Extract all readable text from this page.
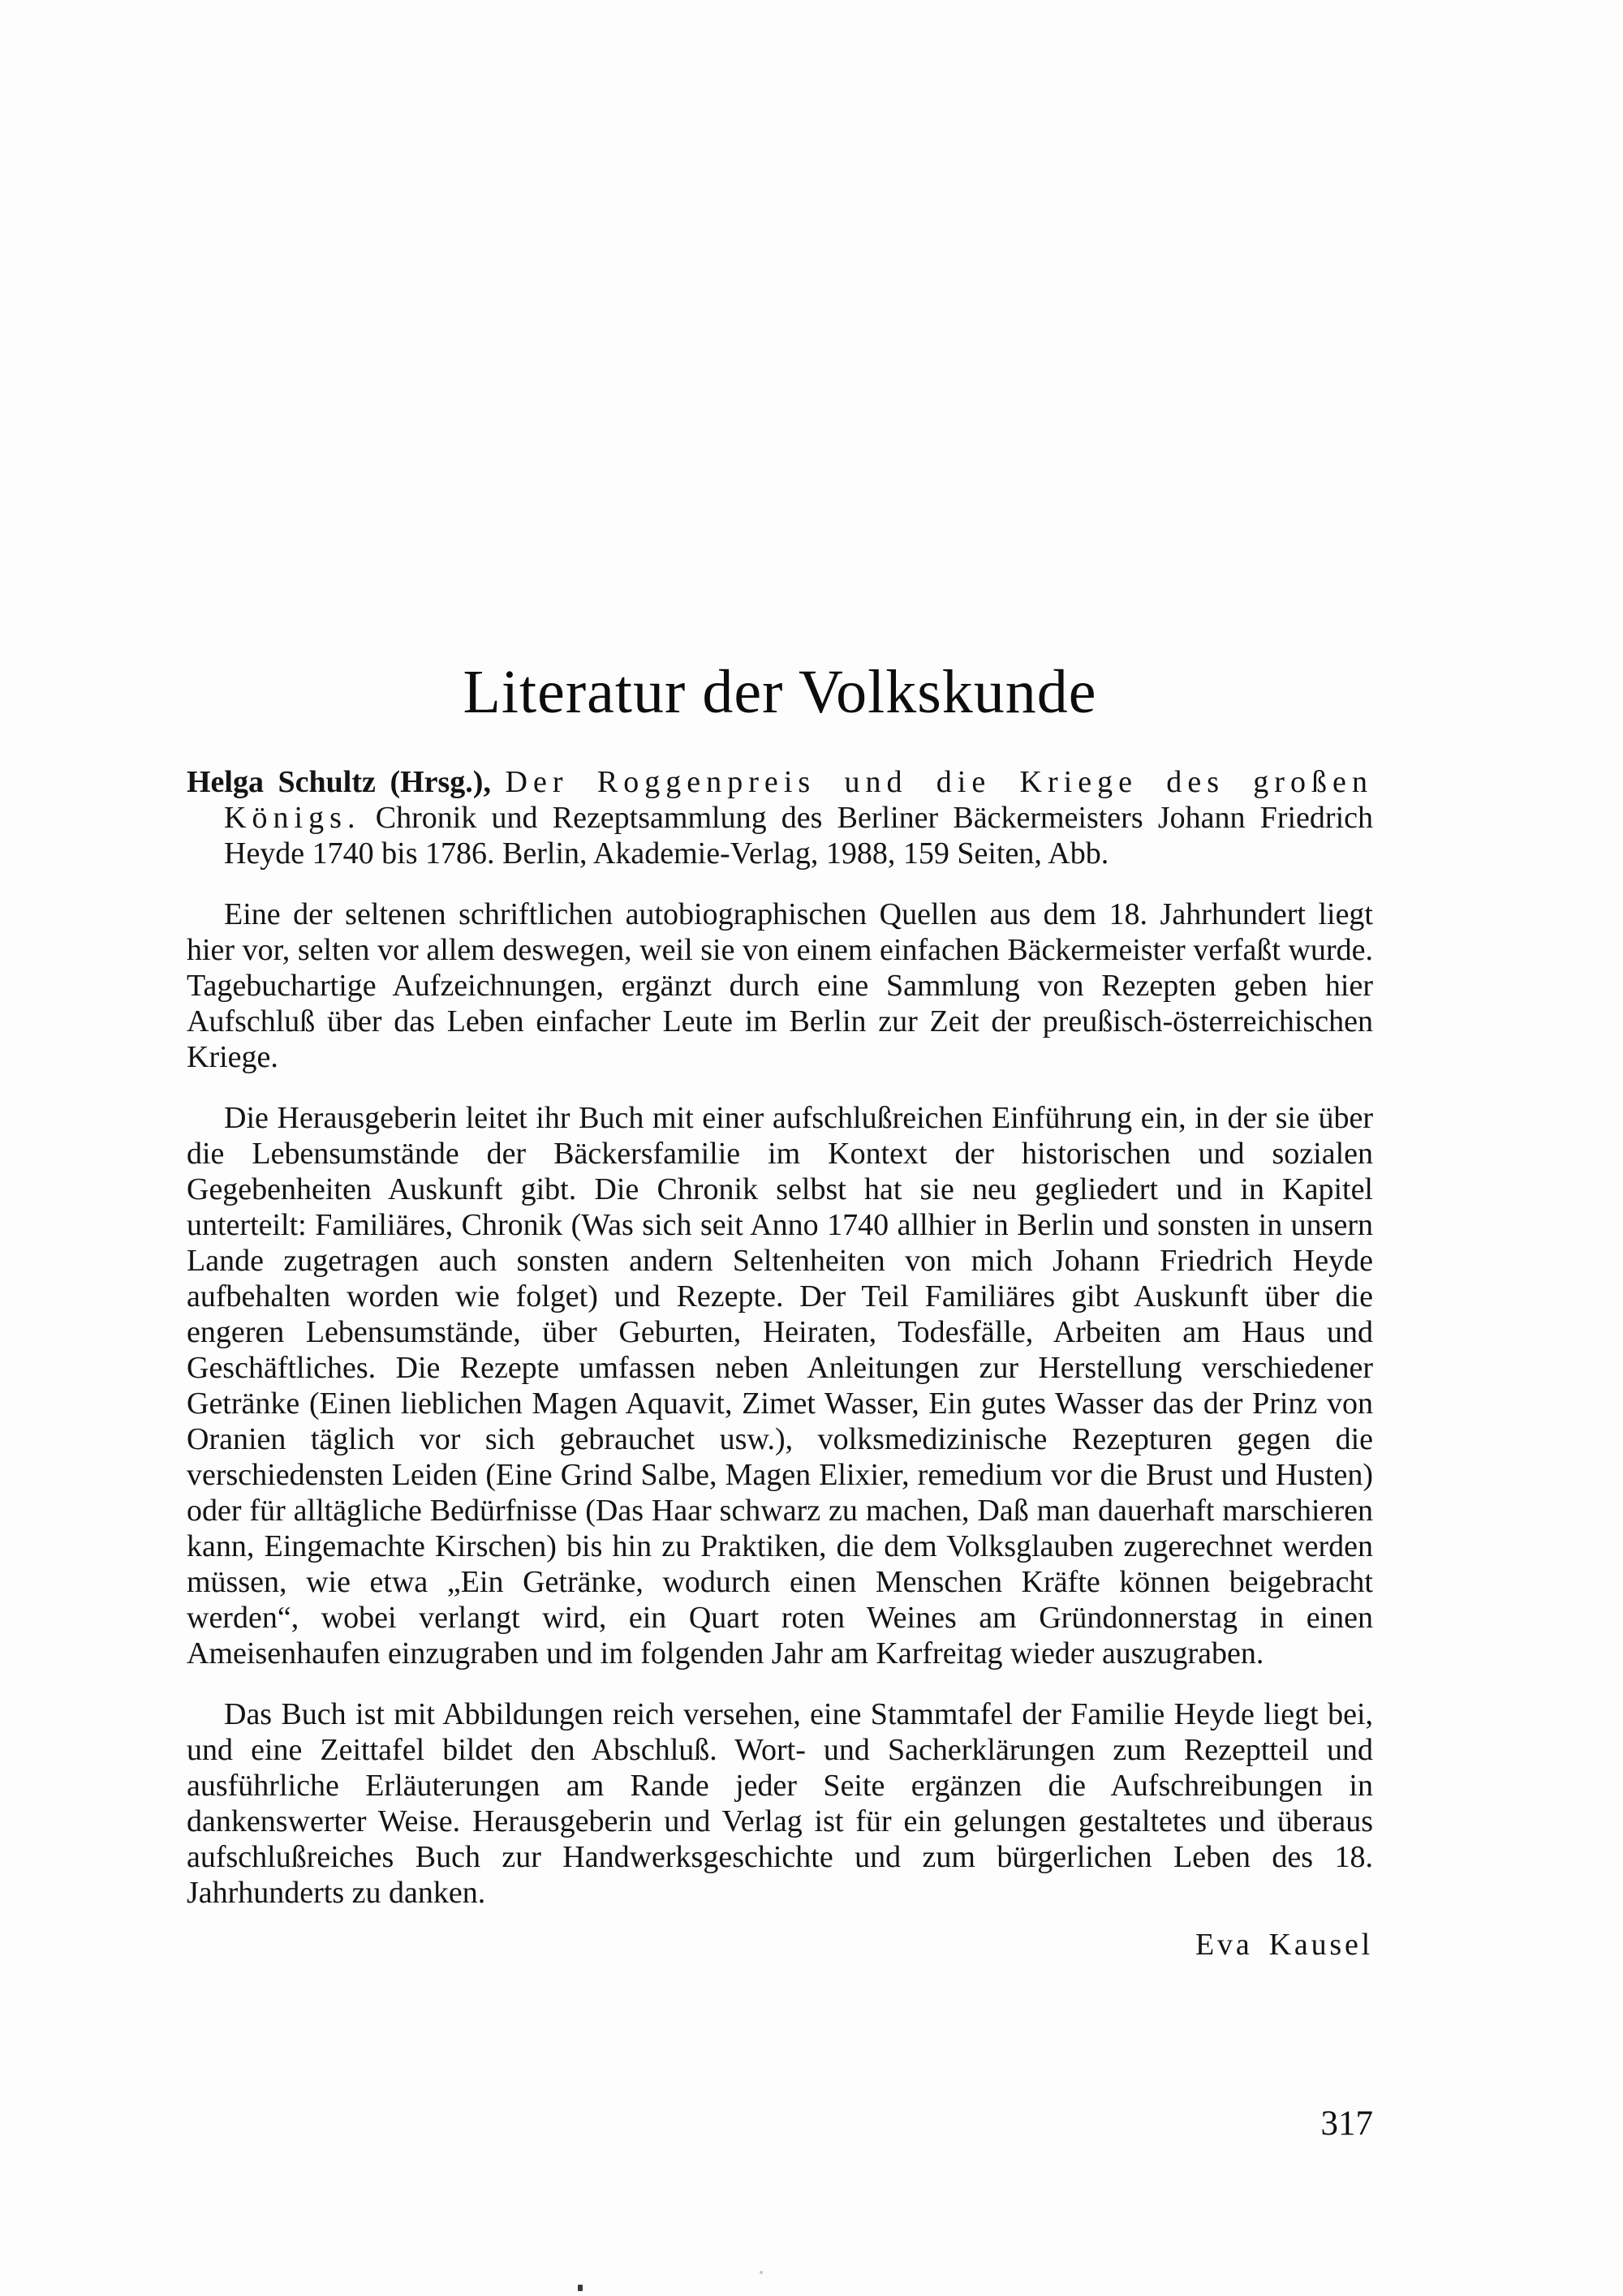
Literatur der Volkskunde

Helga Schultz (Hrsg.), Der Roggenpreis und die Kriege des großen Königs. Chronik und Rezeptsammlung des Berliner Bäckermeisters Johann Friedrich Heyde 1740 bis 1786. Berlin, Akademie-Verlag, 1988, 159 Seiten, Abb.

Eine der seltenen schriftlichen autobiographischen Quellen aus dem 18. Jahrhundert liegt hier vor, selten vor allem deswegen, weil sie von einem einfachen Bäckermeister verfaßt wurde. Tagebuchartige Aufzeichnungen, ergänzt durch eine Sammlung von Rezepten geben hier Aufschluß über das Leben einfacher Leute im Berlin zur Zeit der preußisch-österreichischen Kriege.

Die Herausgeberin leitet ihr Buch mit einer aufschlußreichen Einführung ein, in der sie über die Lebensumstände der Bäckersfamilie im Kontext der historischen und sozialen Gegebenheiten Auskunft gibt. Die Chronik selbst hat sie neu gegliedert und in Kapitel unterteilt: Familiäres, Chronik (Was sich seit Anno 1740 allhier in Berlin und sonsten in unsern Lande zugetragen auch sonsten andern Seltenheiten von mich Johann Friedrich Heyde aufbehalten worden wie folget) und Rezepte. Der Teil Familiäres gibt Auskunft über die engeren Lebensumstände, über Geburten, Heiraten, Todesfälle, Arbeiten am Haus und Geschäftliches. Die Rezepte umfassen neben Anleitungen zur Herstellung verschiedener Getränke (Einen lieblichen Magen Aquavit, Zimet Wasser, Ein gutes Wasser das der Prinz von Oranien täglich vor sich gebrauchet usw.), volksmedizinische Rezepturen gegen die verschiedensten Leiden (Eine Grind Salbe, Magen Elixier, remedium vor die Brust und Husten) oder für alltägliche Bedürfnisse (Das Haar schwarz zu machen, Daß man dauerhaft marschieren kann, Eingemachte Kirschen) bis hin zu Praktiken, die dem Volksglauben zugerechnet werden müssen, wie etwa „Ein Getränke, wodurch einen Menschen Kräfte können beigebracht werden“, wobei verlangt wird, ein Quart roten Weines am Gründonnerstag in einen Ameisenhaufen einzugraben und im folgenden Jahr am Karfreitag wieder auszugraben.

Das Buch ist mit Abbildungen reich versehen, eine Stammtafel der Familie Heyde liegt bei, und eine Zeittafel bildet den Abschluß. Wort- und Sacherklärungen zum Rezeptteil und ausführliche Erläuterungen am Rande jeder Seite ergänzen die Aufschreibungen in dankenswerter Weise. Herausgeberin und Verlag ist für ein gelungen gestaltetes und überaus aufschlußreiches Buch zur Handwerksgeschichte und zum bürgerlichen Leben des 18. Jahrhunderts zu danken.

Eva Kausel

317
